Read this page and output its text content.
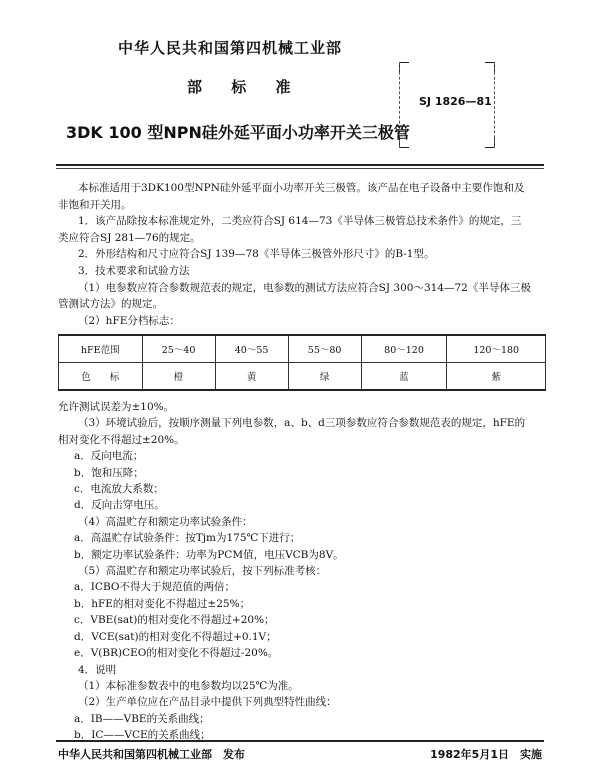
中华人民共和国第四机械工业部
部 标 准
SJ 1826—81
3DK 100 型NPN硅外延平面小功率开关三极管

本标准适用于3DK100型NPN硅外延平面小功率开关三极管。该产品在电子设备中主要作饱和及

非饱和开关用。

1．该产品除按本标准规定外，二类应符合SJ 614—73《半导体三极管总技术条件》的规定，三

类应符合SJ 281—76的规定。

2．外形结构和尺寸应符合SJ 139—78《半导体三极管外形尺寸》的B-1型。

3．技术要求和试验方法

（1）电参数应符合参数规范表的规定，电参数的测试方法应符合SJ 300～314—72《半导体三极

管测试方法》的规定。

（2）hFE分档标志：

hFE范围	25～40	40～55	55～80	80～120	120～180
色　　标	橙	黄	绿	蓝	紫

允许测试误差为±10%。

（3）环境试验后，按顺序测量下列电参数，a、b、d三项参数应符合参数规范表的规定，hFE的

相对变化不得超过±20%。

a．反向电流；

b．饱和压降；

c．电流放大系数；

d．反向击穿电压。

（4）高温贮存和额定功率试验条件：

a．高温贮存试验条件：按Tjm为175℃下进行；

b．额定功率试验条件：功率为PCM值，电压VCB为8V。

（5）高温贮存和额定功率试验后，按下列标准考核：

a．ICBO不得大于规范值的两倍；

b．hFE的相对变化不得超过±25%；

c．VBE(sat)的相对变化不得超过+20%；

d．VCE(sat)的相对变化不得超过+0.1V；

e．V(BR)CEO的相对变化不得超过-20%。

4．说明

（1）本标准参数表中的电参数均以25℃为准。

（2）生产单位应在产品目录中提供下列典型特性曲线：

a．IB——VBE的关系曲线；

b．IC——VCE的关系曲线；

中华人民共和国第四机械工业部　发布	1982年5月1日　实施
